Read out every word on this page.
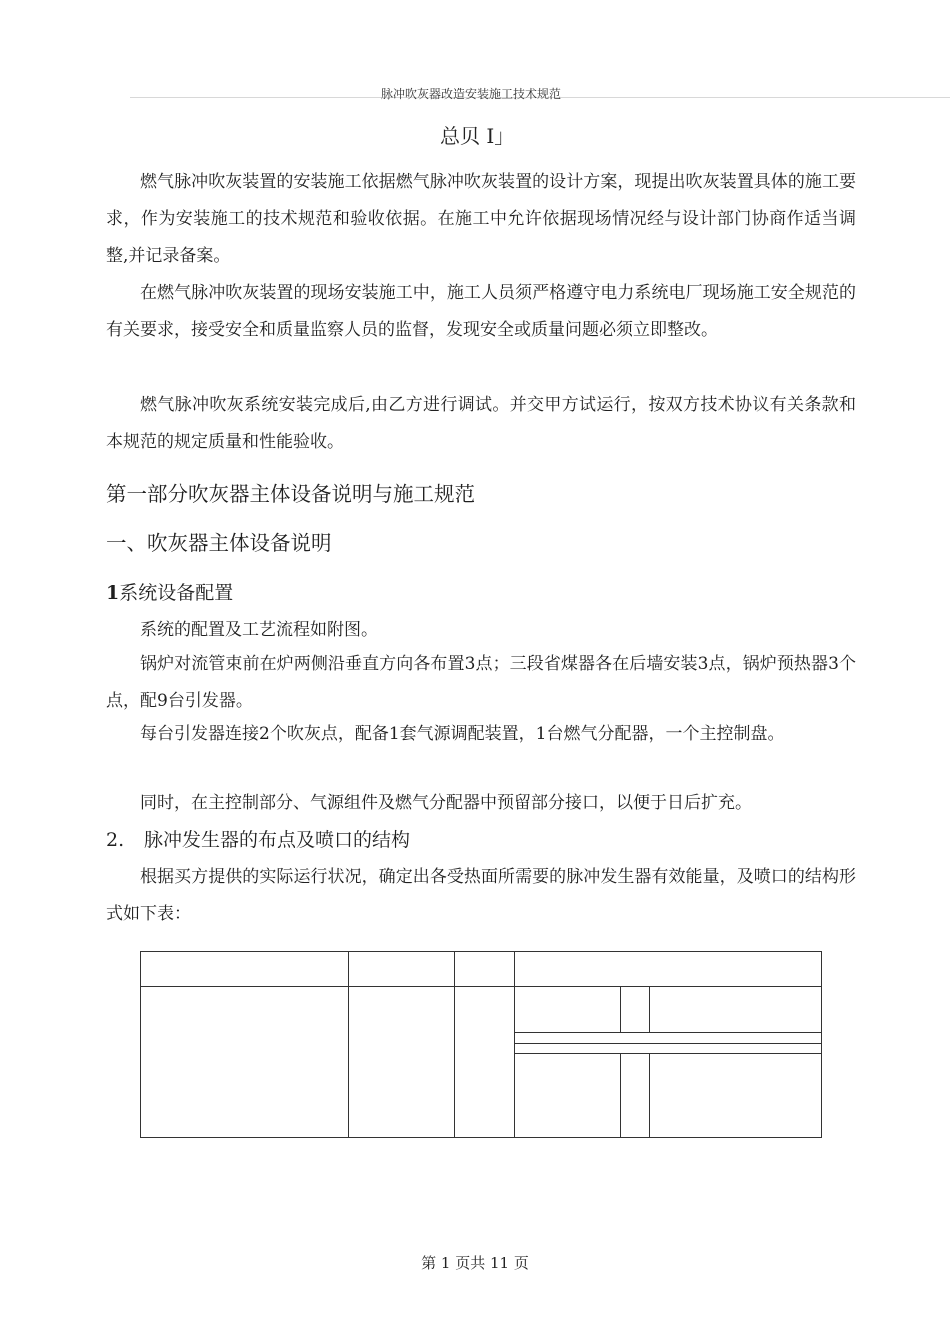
脉冲吹灰器改造安装施工技术规范
总贝 I」
燃气脉冲吹灰装置的安装施工依据燃气脉冲吹灰装置的设计方案，现提出吹灰装置具体的施工要求，作为安装施工的技术规范和验收依据。在施工中允许依据现场情况经与设计部门协商作适当调整,并记录备案。
在燃气脉冲吹灰装置的现场安装施工中，施工人员须严格遵守电力系统电厂现场施工安全规范的有关要求，接受安全和质量监察人员的监督，发现安全或质量问题必须立即整改。
燃气脉冲吹灰系统安装完成后,由乙方进行调试。并交甲方试运行，按双方技术协议有关条款和本规范的规定质量和性能验收。
第一部分吹灰器主体设备说明与施工规范
一、吹灰器主体设备说明
1系统设备配置
系统的配置及工艺流程如附图。
锅炉对流管束前在炉两侧沿垂直方向各布置3点；三段省煤器各在后墙安装3点，锅炉预热器3个点，配9台引发器。
每台引发器连接2个吹灰点，配备1套气源调配装置，1台燃气分配器，一个主控制盘。
同时，在主控制部分、气源组件及燃气分配器中预留部分接口，以便于日后扩充。
2. 脉冲发生器的布点及喷口的结构
根据买方提供的实际运行状况，确定出各受热面所需要的脉冲发生器有效能量，及喷口的结构形式如下表：
第 1 页共 11 页
